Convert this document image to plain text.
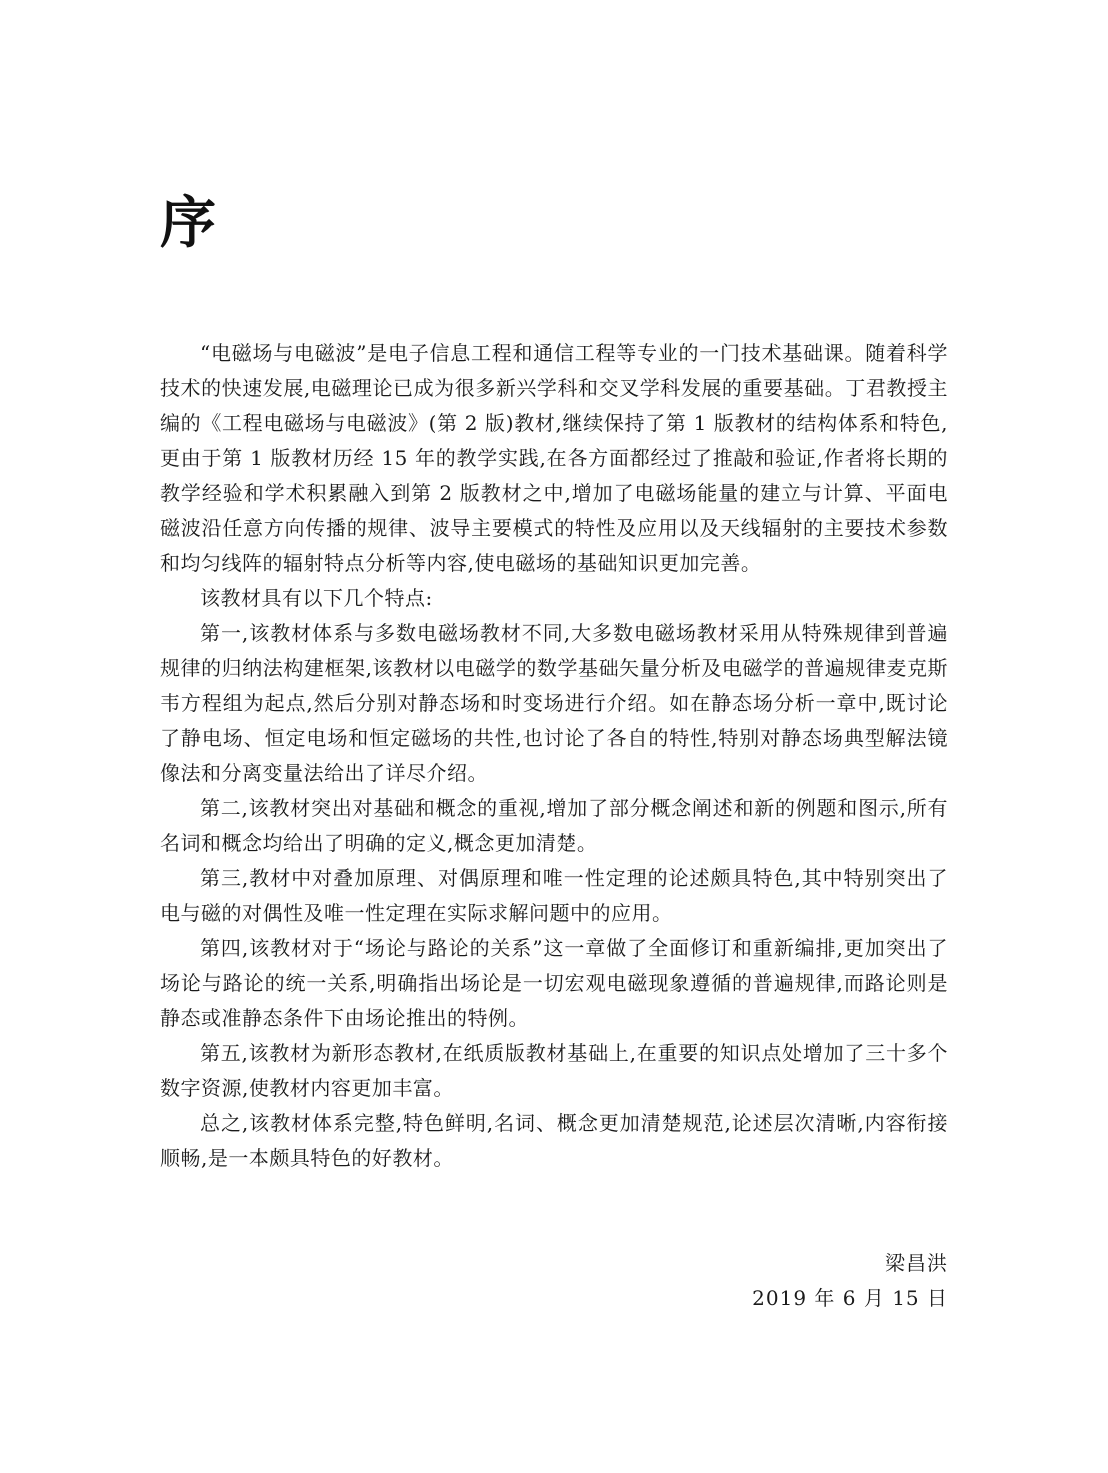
序

“电磁场与电磁波”是电子信息工程和通信工程等专业的一门技术基础课。随着科学技术的快速发展,电磁理论已成为很多新兴学科和交叉学科发展的重要基础。丁君教授主编的《工程电磁场与电磁波》(第 2 版)教材,继续保持了第 1 版教材的结构体系和特色,更由于第 1 版教材历经 15 年的教学实践,在各方面都经过了推敲和验证,作者将长期的教学经验和学术积累融入到第 2 版教材之中,增加了电磁场能量的建立与计算、平面电磁波沿任意方向传播的规律、波导主要模式的特性及应用以及天线辐射的主要技术参数和均匀线阵的辐射特点分析等内容,使电磁场的基础知识更加完善。

该教材具有以下几个特点:

第一,该教材体系与多数电磁场教材不同,大多数电磁场教材采用从特殊规律到普遍规律的归纳法构建框架,该教材以电磁学的数学基础矢量分析及电磁学的普遍规律麦克斯韦方程组为起点,然后分别对静态场和时变场进行介绍。如在静态场分析一章中,既讨论了静电场、恒定电场和恒定磁场的共性,也讨论了各自的特性,特别对静态场典型解法镜像法和分离变量法给出了详尽介绍。

第二,该教材突出对基础和概念的重视,增加了部分概念阐述和新的例题和图示,所有名词和概念均给出了明确的定义,概念更加清楚。

第三,教材中对叠加原理、对偶原理和唯一性定理的论述颇具特色,其中特别突出了电与磁的对偶性及唯一性定理在实际求解问题中的应用。

第四,该教材对于“场论与路论的关系”这一章做了全面修订和重新编排,更加突出了场论与路论的统一关系,明确指出场论是一切宏观电磁现象遵循的普遍规律,而路论则是静态或准静态条件下由场论推出的特例。

第五,该教材为新形态教材,在纸质版教材基础上,在重要的知识点处增加了三十多个数字资源,使教材内容更加丰富。

总之,该教材体系完整,特色鲜明,名词、概念更加清楚规范,论述层次清晰,内容衔接顺畅,是一本颇具特色的好教材。

梁昌洪
2019 年 6 月 15 日
